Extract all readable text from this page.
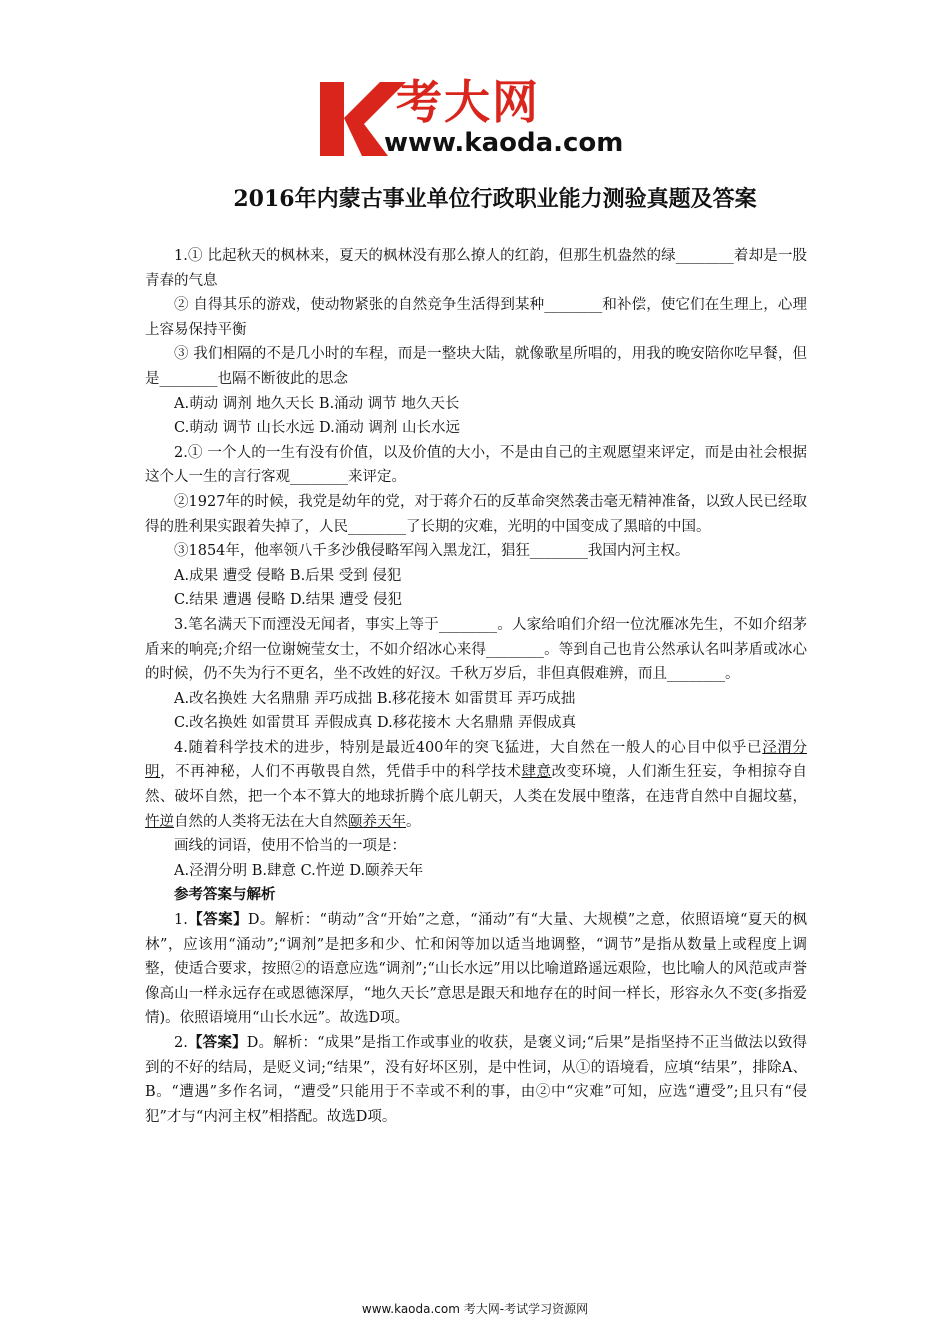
考大网
www.kaoda.com
2016年内蒙古事业单位行政职业能力测验真题及答案

1.① 比起秋天的枫林来，夏天的枫林没有那么撩人的红韵，但那生机盎然的绿________着却是一股青春的气息

② 自得其乐的游戏，使动物紧张的自然竞争生活得到某种________和补偿，使它们在生理上，心理上容易保持平衡

③ 我们相隔的不是几小时的车程，而是一整块大陆，就像歌星所唱的，用我的晚安陪你吃早餐，但是________也隔不断彼此的思念

A.萌动 调剂 地久天长 B.涌动 调节 地久天长

C.萌动 调节 山长水远 D.涌动 调剂 山长水远

2.① 一个人的一生有没有价值，以及价值的大小，不是由自己的主观愿望来评定，而是由社会根据这个人一生的言行客观________来评定。

②1927年的时候，我党是幼年的党，对于蒋介石的反革命突然袭击毫无精神准备，以致人民已经取得的胜利果实跟着失掉了，人民________了长期的灾难，光明的中国变成了黑暗的中国。

③1854年，他率领八千多沙俄侵略军闯入黑龙江，猖狂________我国内河主权。

A.成果 遭受 侵略 B.后果 受到 侵犯

C.结果 遭遇 侵略 D.结果 遭受 侵犯

3.笔名满天下而湮没无闻者，事实上等于________。人家给咱们介绍一位沈雁冰先生，不如介绍茅盾来的响亮;介绍一位谢婉莹女士，不如介绍冰心来得________。等到自己也肯公然承认名叫茅盾或冰心的时候，仍不失为行不更名，坐不改姓的好汉。千秋万岁后，非但真假难辨，而且________。

A.改名换姓 大名鼎鼎 弄巧成拙 B.移花接木 如雷贯耳 弄巧成拙

C.改名换姓 如雷贯耳 弄假成真 D.移花接木 大名鼎鼎 弄假成真

4.随着科学技术的进步，特别是最近400年的突飞猛进，大自然在一般人的心目中似乎已泾渭分明，不再神秘，人们不再敬畏自然，凭借手中的科学技术肆意改变环境，人们渐生狂妄，争相掠夺自然、破坏自然，把一个本不算大的地球折腾个底儿朝天，人类在发展中堕落，在违背自然中自掘坟墓，忤逆自然的人类将无法在大自然颐养天年。

画线的词语，使用不恰当的一项是：

A.泾渭分明 B.肆意 C.忤逆 D.颐养天年

参考答案与解析

1.【答案】D。解析：“萌动”含“开始”之意，“涌动”有“大量、大规模”之意，依照语境“夏天的枫林”，应该用“涌动”;“调剂”是把多和少、忙和闲等加以适当地调整，“调节”是指从数量上或程度上调整，使适合要求，按照②的语意应选“调剂”;“山长水远”用以比喻道路遥远艰险，也比喻人的风范或声誉像高山一样永远存在或恩德深厚，“地久天长”意思是跟天和地存在的时间一样长，形容永久不变(多指爱情)。依照语境用“山长水远”。故选D项。

2.【答案】D。解析：“成果”是指工作或事业的收获，是褒义词;“后果”是指坚持不正当做法以致得到的不好的结局，是贬义词;“结果”，没有好坏区别，是中性词，从①的语境看，应填“结果”，排除A、B。“遭遇”多作名词，“遭受”只能用于不幸或不利的事，由②中“灾难”可知，应选“遭受”;且只有“侵犯”才与“内河主权”相搭配。故选D项。

www.kaoda.com 考大网-考试学习资源网
